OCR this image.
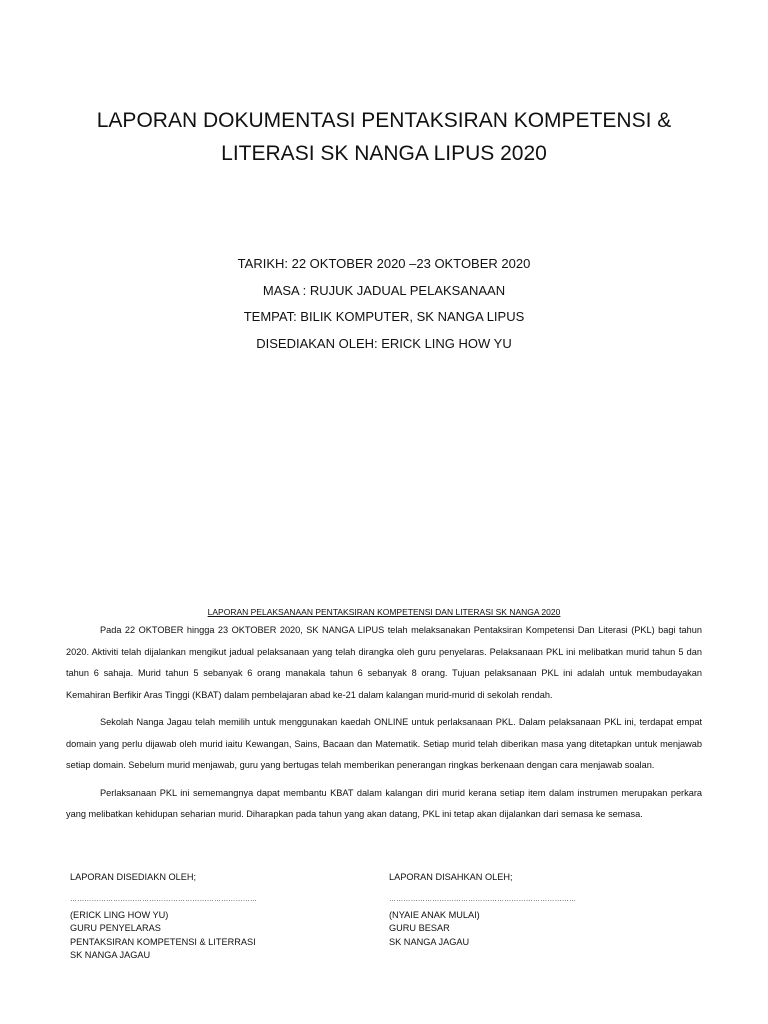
LAPORAN DOKUMENTASI PENTAKSIRAN KOMPETENSI &
LITERASI SK NANGA LIPUS 2020
TARIKH: 22 OKTOBER 2020 –23 OKTOBER 2020
MASA : RUJUK JADUAL PELAKSANAAN
TEMPAT: BILIK KOMPUTER, SK NANGA LIPUS
DISEDIAKAN OLEH: ERICK LING HOW YU
LAPORAN PELAKSANAAN PENTAKSIRAN KOMPETENSI DAN LITERASI SK NANGA 2020

Pada 22 OKTOBER hingga 23 OKTOBER 2020, SK NANGA LIPUS telah melaksanakan Pentaksiran Kompetensi Dan Literasi (PKL) bagi tahun 2020. Aktiviti telah dijalankan mengikut jadual pelaksanaan yang telah dirangka oleh guru penyelaras. Pelaksanaan PKL ini melibatkan murid tahun 5 dan tahun 6 sahaja. Murid tahun 5 sebanyak 6 orang manakala tahun 6 sebanyak 8 orang. Tujuan pelaksanaan PKL ini adalah untuk membudayakan Kemahiran Berfikir Aras Tinggi (KBAT) dalam pembelajaran abad ke-21 dalam kalangan murid-murid di sekolah rendah.

Sekolah Nanga Jagau telah memilih untuk menggunakan kaedah ONLINE untuk perlaksanaan PKL. Dalam pelaksanaan PKL ini, terdapat empat domain yang perlu dijawab oleh murid iaitu Kewangan, Sains, Bacaan dan Matematik. Setiap murid telah diberikan masa yang ditetapkan untuk menjawab setiap domain. Sebelum murid menjawab, guru yang bertugas telah memberikan penerangan ringkas berkenaan dengan cara menjawab soalan.

Perlaksanaan PKL ini sememangnya dapat membantu KBAT dalam kalangan diri murid kerana setiap item dalam instrumen merupakan perkara yang melibatkan kehidupan seharian murid. Diharapkan pada tahun yang akan datang, PKL ini tetap akan dijalankan dari semasa ke semasa.

LAPORAN DISEDIAKN OLEH;
……………………………………………………………………
(ERICK LING HOW YU)
GURU PENYELARAS
PENTAKSIRAN KOMPETENSI & LITERRASI
SK NANGA JAGAU
LAPORAN DISAHKAN OLEH;
……………………………………………………………………
(NYAIE ANAK MULAI)
GURU BESAR
SK NANGA JAGAU
